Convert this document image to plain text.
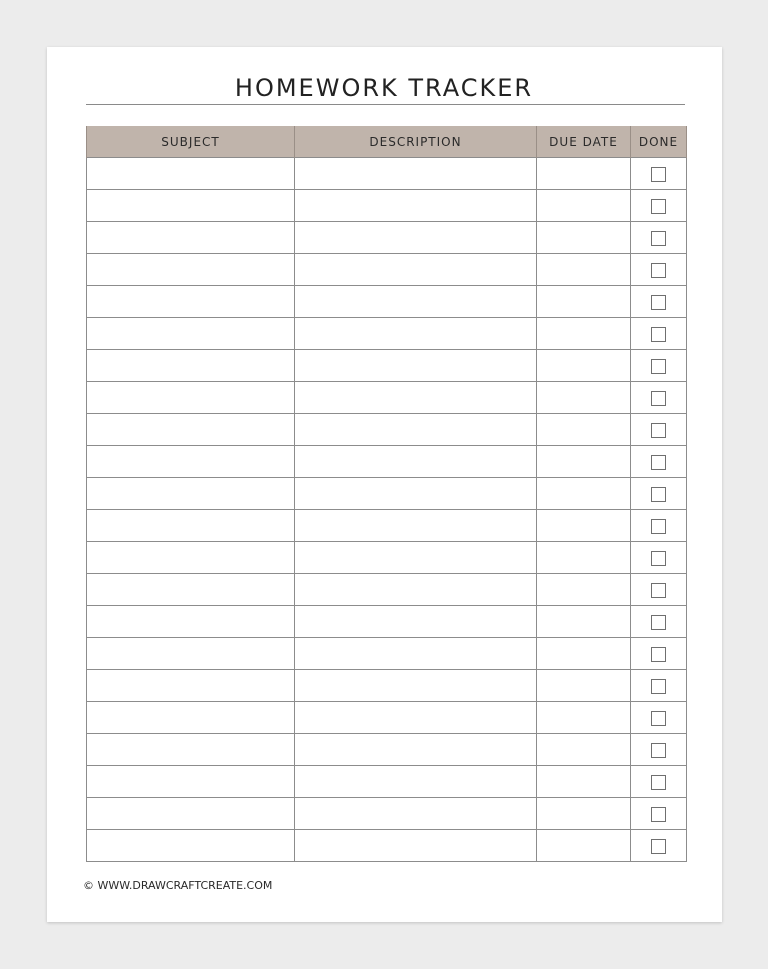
HOMEWORK TRACKER
SUBJECT	DESCRIPTION	DUE DATE	DONE

© WWW.DRAWCRAFTCREATE.COM
